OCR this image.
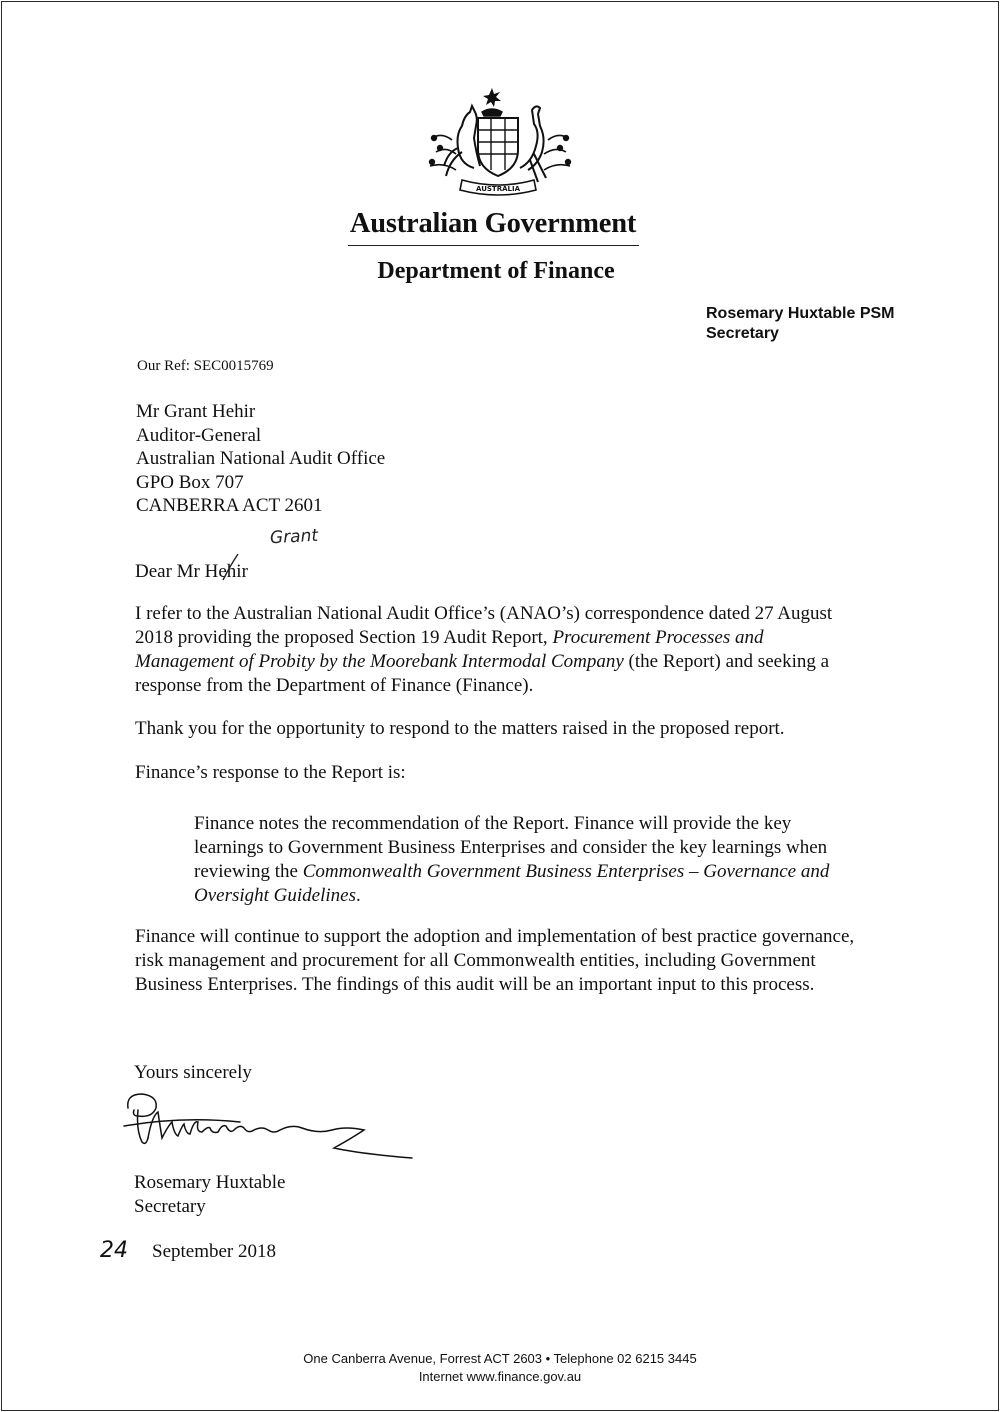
AUSTRALIA
Australian Government
Department of Finance
Rosemary Huxtable PSM
Secretary
Our Ref: SEC0015769
Mr Grant Hehir
Auditor-General
Australian National Audit Office
GPO Box 707
CANBERRA ACT 2601
Grant
Dear Mr Hehir
I refer to the Australian National Audit Office’s (ANAO’s) correspondence dated 27 August 2018 providing the proposed Section 19 Audit Report, Procurement Processes and Management of Probity by the Moorebank Intermodal Company (the Report) and seeking a response from the Department of Finance (Finance).
Thank you for the opportunity to respond to the matters raised in the proposed report.
Finance’s response to the Report is:
Finance notes the recommendation of the Report. Finance will provide the key learnings to Government Business Enterprises and consider the key learnings when reviewing the Commonwealth Government Business Enterprises – Governance and Oversight Guidelines.
Finance will continue to support the adoption and implementation of best practice governance, risk management and procurement for all Commonwealth entities, including Government Business Enterprises. The findings of this audit will be an important input to this process.
Yours sincerely
Rosemary Huxtable
Secretary
24 September 2018
One Canberra Avenue, Forrest ACT 2603 • Telephone 02 6215 3445
Internet www.finance.gov.au
